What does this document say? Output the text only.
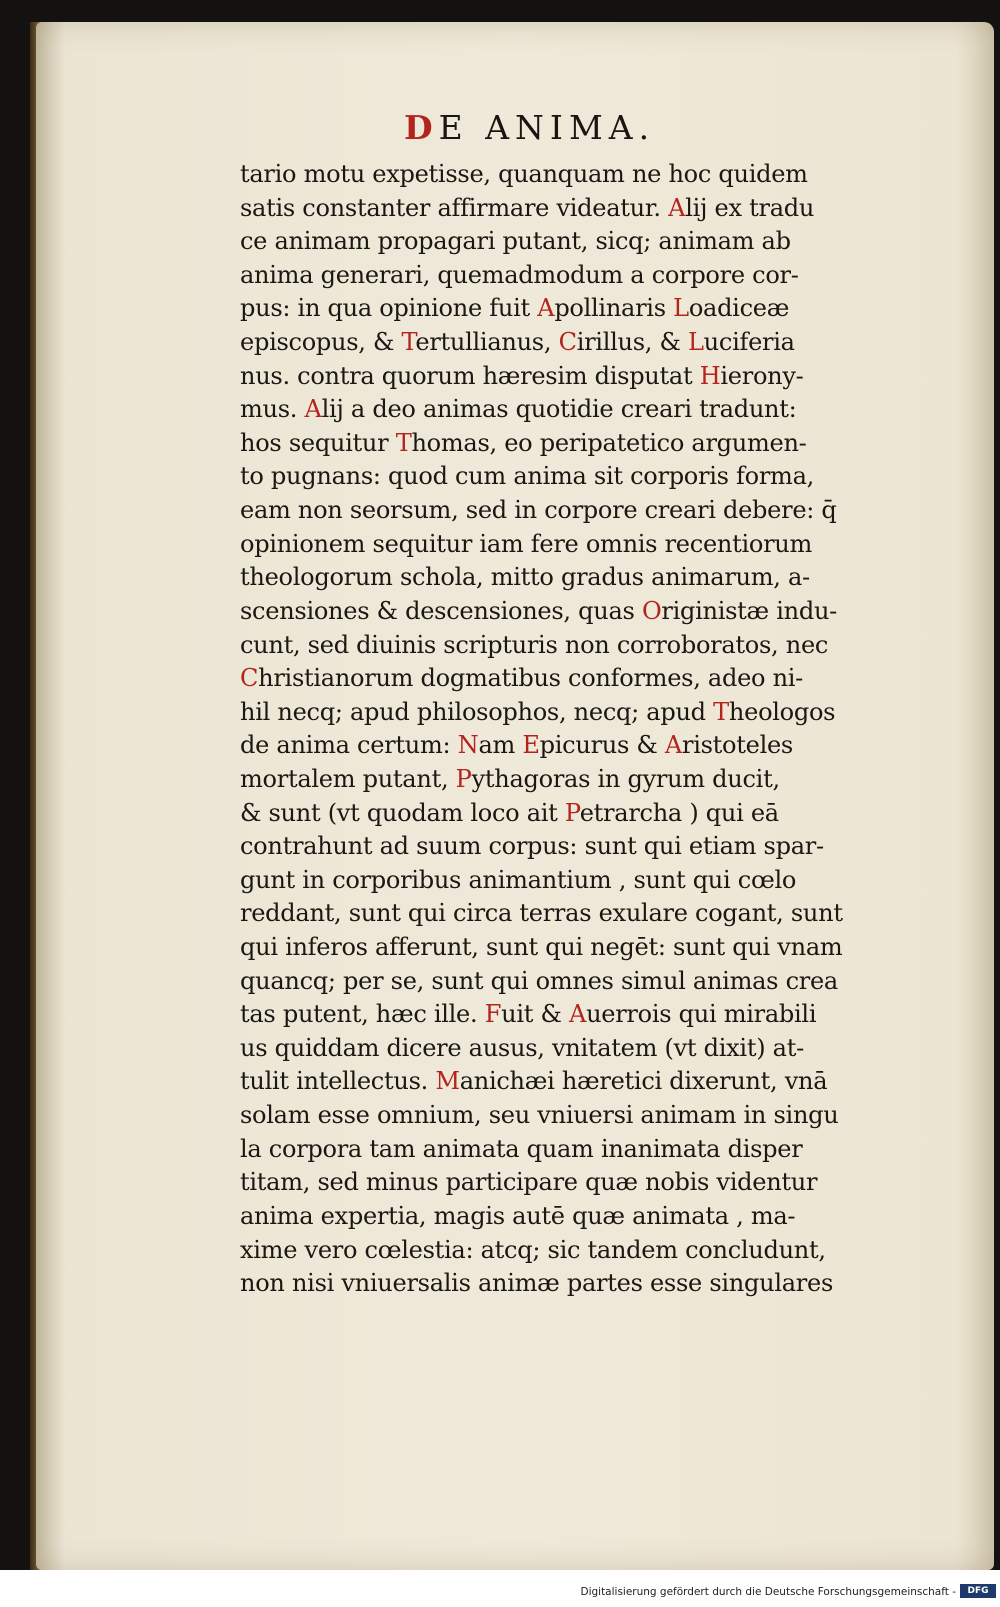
DE ANIMA.
tario motu expetisse, quanquam ne hoc quidem
satis constanter affirmare videatur. Alij ex tradu
ce animam propagari putant, sicq; animam ab
anima generari, quemadmodum a corpore cor-
pus: in qua opinione fuit Apollinaris Loadiceæ
episcopus, & Tertullianus, Cirillus, & Luciferia
nus. contra quorum hæresim disputat Hierony-
mus. Alij a deo animas quotidie creari tradunt:
hos sequitur Thomas, eo peripatetico argumen-
to pugnans: quod cum anima sit corporis forma,
eam non seorsum, sed in corpore creari debere: q̄
opinionem sequitur iam fere omnis recentiorum
theologorum schola, mitto gradus animarum, a-
scensiones & descensiones, quas Originistæ indu-
cunt, sed diuinis scripturis non corroboratos, nec
Christianorum dogmatibus conformes, adeo ni-
hil necq; apud philosophos, necq; apud Theologos
de anima certum: Nam Epicurus & Aristoteles
mortalem putant, Pythagoras in gyrum ducit,
& sunt (vt quodam loco ait Petrarcha ) qui eā
contrahunt ad suum corpus: sunt qui etiam spar-
gunt in corporibus animantium , sunt qui cœlo
reddant, sunt qui circa terras exulare cogant, sunt
qui inferos afferunt, sunt qui negēt: sunt qui vnam
quancq; per se, sunt qui omnes simul animas crea
tas putent, hæc ille. Fuit & Auerrois qui mirabili
us quiddam dicere ausus, vnitatem (vt dixit) at-
tulit intellectus. Manichæi hæretici dixerunt, vnā
solam esse omnium, seu vniuersi animam in singu
la corpora tam animata quam inanimata disper
titam, sed minus participare quæ nobis videntur
anima expertia, magis autē quæ animata , ma-
xime vero cœlestia: atcq; sic tandem concludunt,
non nisi vniuersalis animæ partes esse singulares
Digitalisierung gefördert durch die Deutsche Forschungsgemeinschaft -	DFG
